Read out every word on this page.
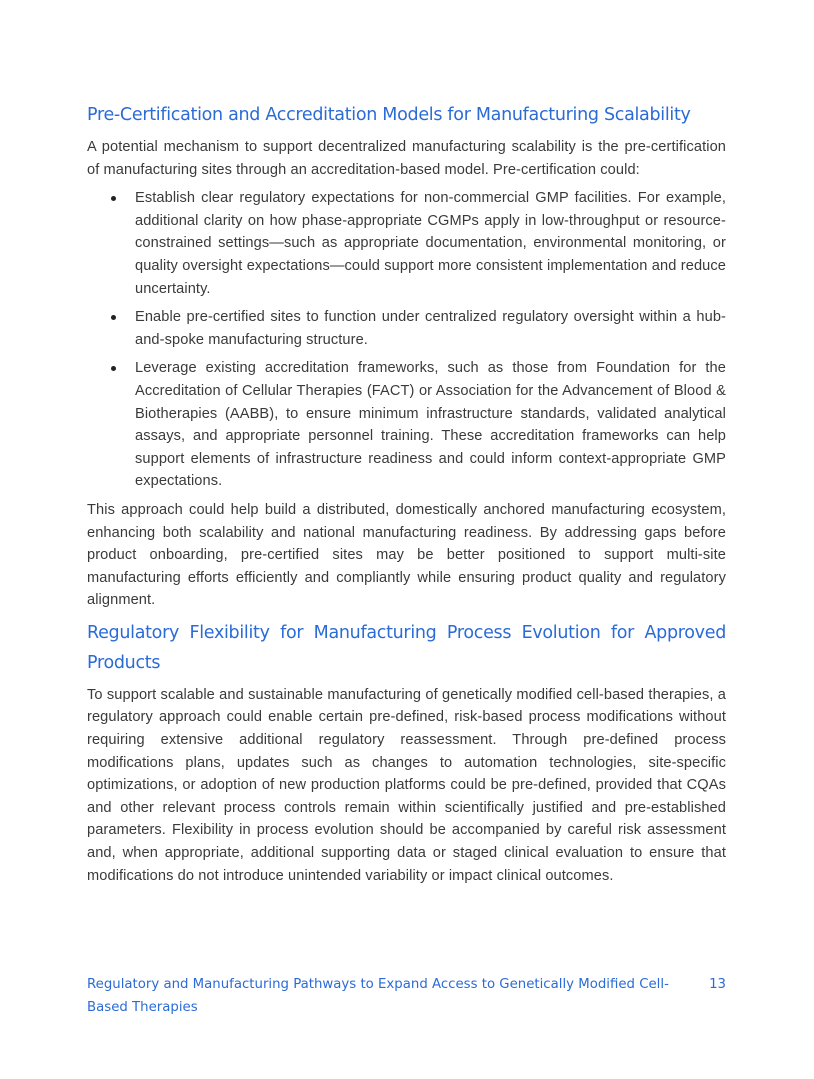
Pre-Certification and Accreditation Models for Manufacturing Scalability

A potential mechanism to support decentralized manufacturing scalability is the pre-certification of manufacturing sites through an accreditation-based model. Pre-certification could:

Establish clear regulatory expectations for non-commercial GMP facilities. For example, additional clarity on how phase-appropriate CGMPs apply in low-throughput or resource-constrained settings—such as appropriate documentation, environmental monitoring, or quality oversight expectations—could support more consistent implementation and reduce uncertainty.
Enable pre-certified sites to function under centralized regulatory oversight within a hub-and-spoke manufacturing structure.
Leverage existing accreditation frameworks, such as those from Foundation for the Accreditation of Cellular Therapies (FACT) or Association for the Advancement of Blood & Biotherapies (AABB), to ensure minimum infrastructure standards, validated analytical assays, and appropriate personnel training. These accreditation frameworks can help support elements of infrastructure readiness and could inform context-appropriate GMP expectations.

This approach could help build a distributed, domestically anchored manufacturing ecosystem, enhancing both scalability and national manufacturing readiness. By addressing gaps before product onboarding, pre-certified sites may be better positioned to support multi-site manufacturing efforts efficiently and compliantly while ensuring product quality and regulatory alignment.

Regulatory Flexibility for Manufacturing Process Evolution for Approved Products

To support scalable and sustainable manufacturing of genetically modified cell-based therapies, a regulatory approach could enable certain pre-defined, risk-based process modifications without requiring extensive additional regulatory reassessment. Through pre-defined process modifications plans, updates such as changes to automation technologies, site-specific optimizations, or adoption of new production platforms could be pre-defined, provided that CQAs and other relevant process controls remain within scientifically justified and pre-established parameters. Flexibility in process evolution should be accompanied by careful risk assessment and, when appropriate, additional supporting data or staged clinical evaluation to ensure that modifications do not introduce unintended variability or impact clinical outcomes.

Regulatory and Manufacturing Pathways to Expand Access to Genetically Modified Cell-Based Therapies
13
